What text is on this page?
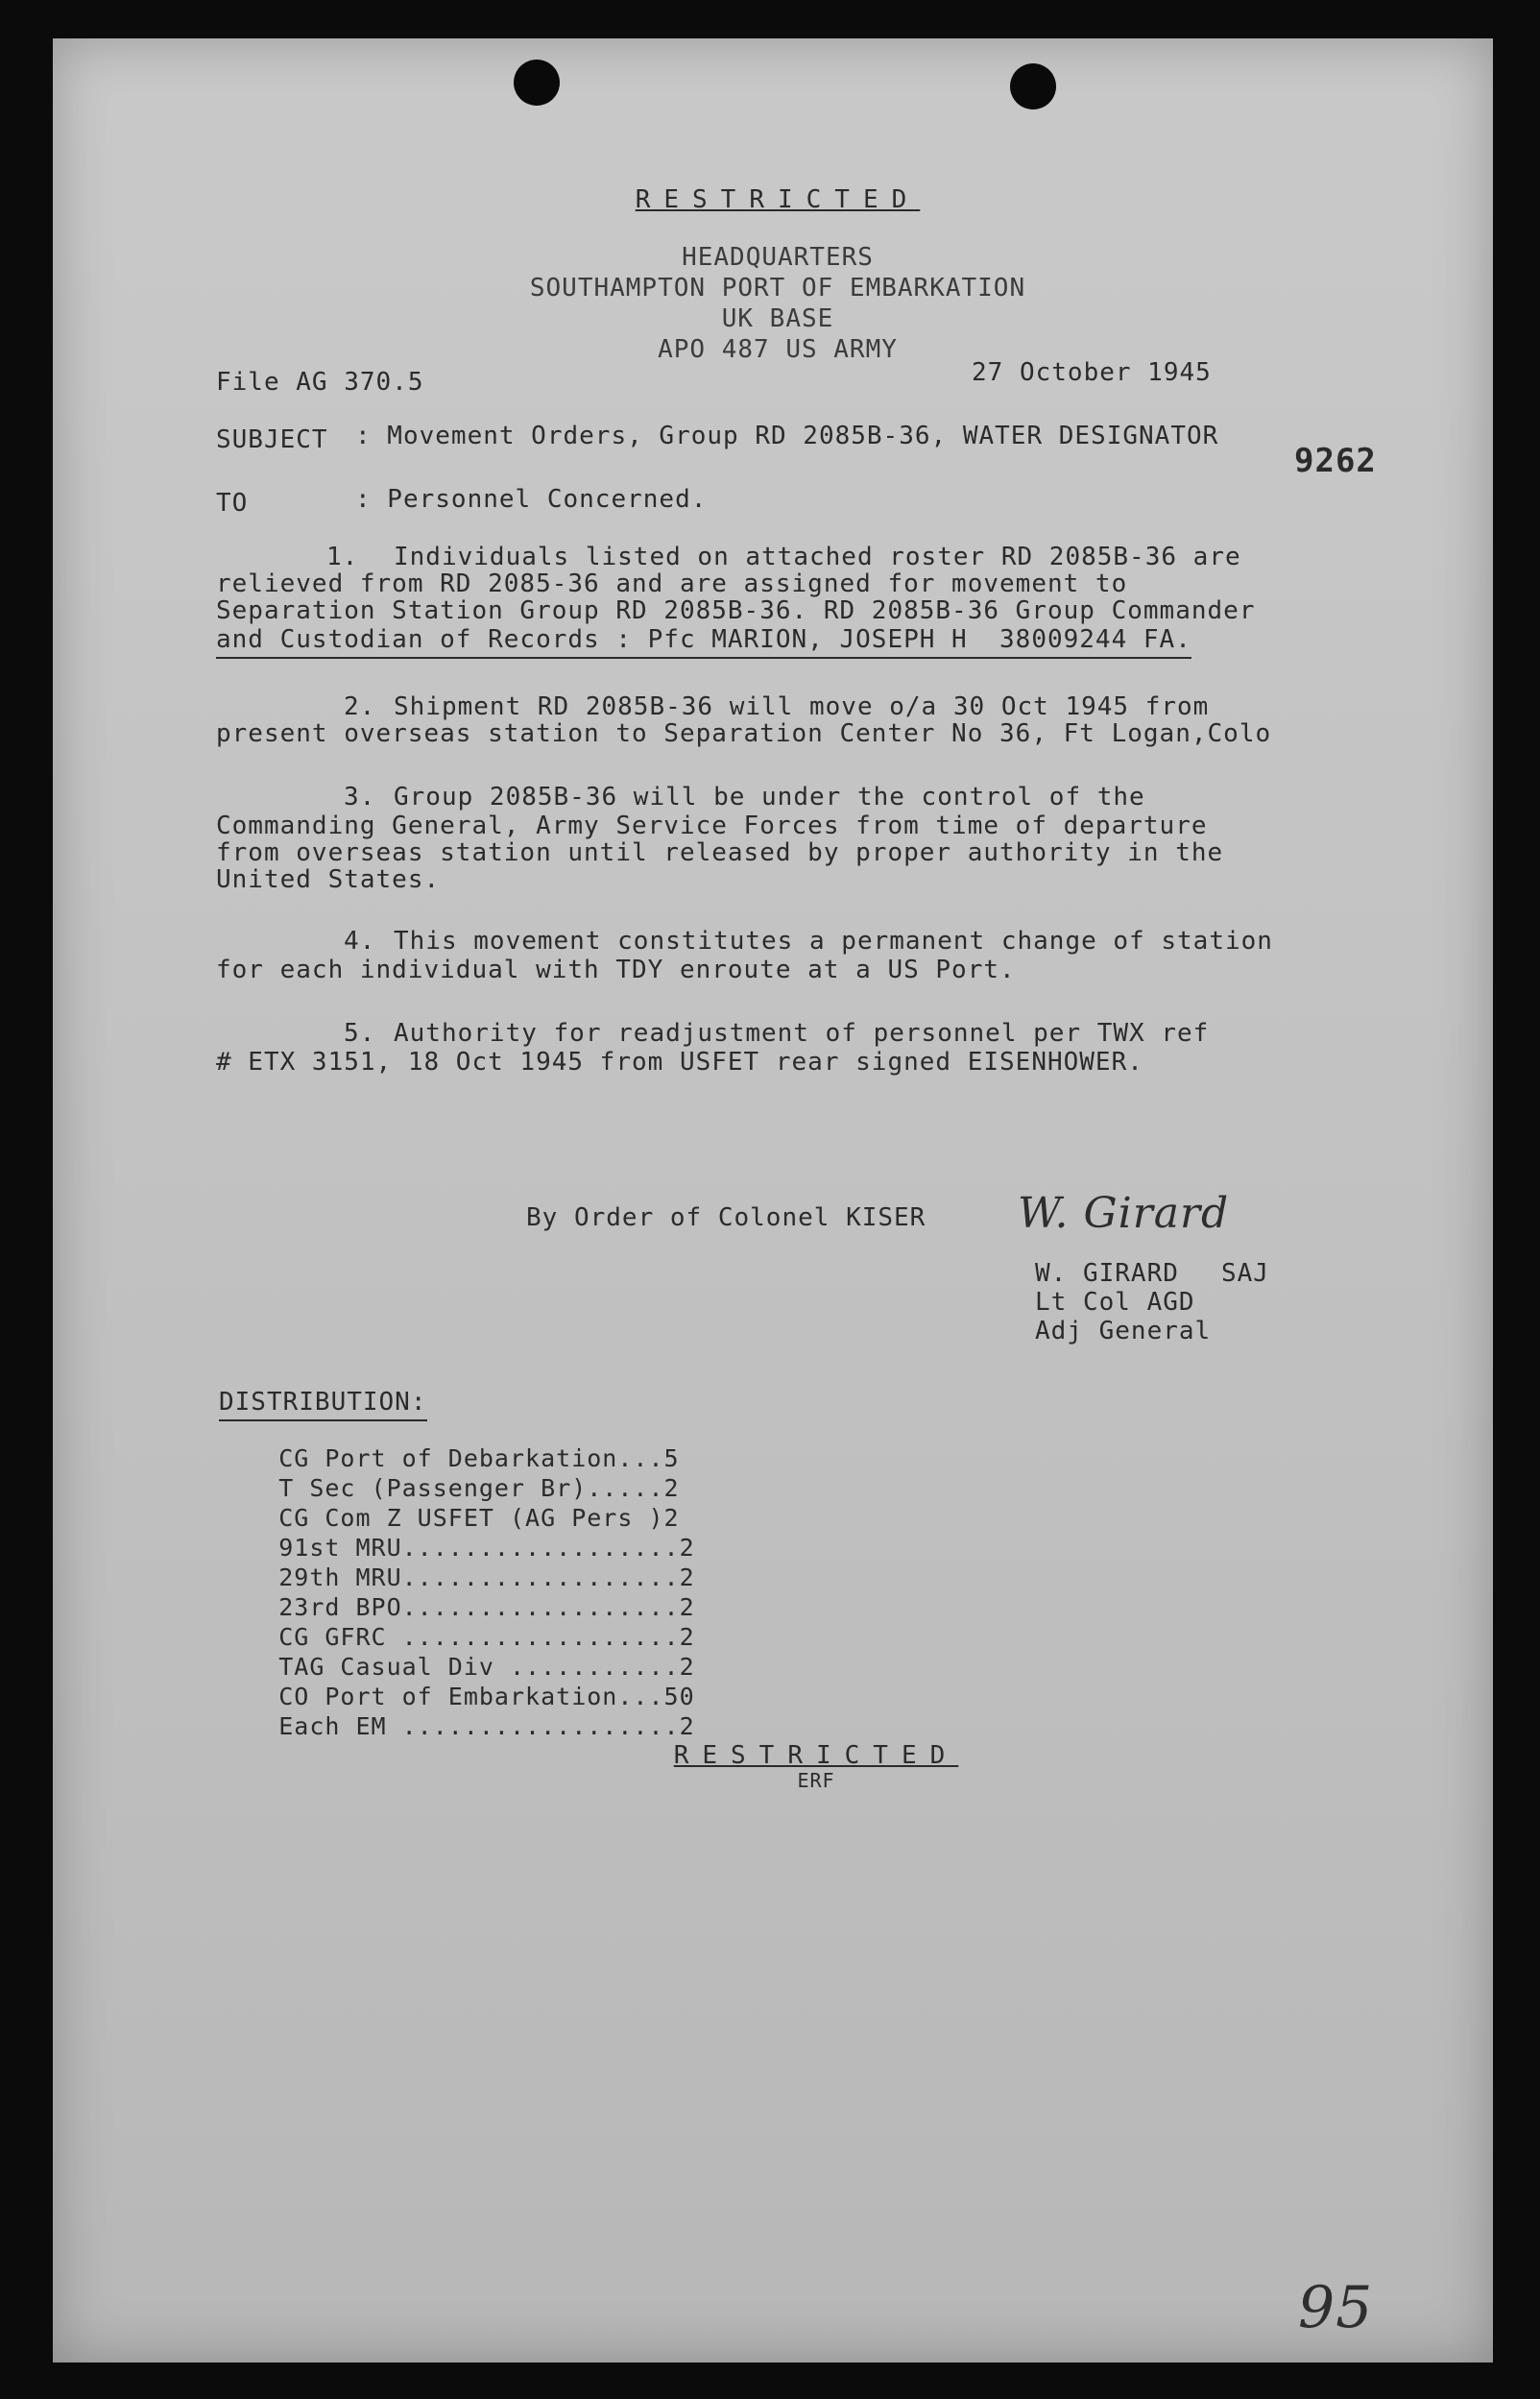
RESTRICTED
HEADQUARTERS
SOUTHAMPTON PORT OF EMBARKATION
UK BASE
APO 487 US ARMY
File AG 370.5	27 October 1945
SUBJECT : Movement Orders, Group RD 2085B-36, WATER DESIGNATOR
9262
TO	: Personnel Concerned.
1. Individuals listed on attached roster RD 2085B-36 are
relieved from RD 2085-36 and are assigned for movement to
Separation Station Group RD 2085B-36. RD 2085B-36 Group Commander
and Custodian of Records : Pfc MARION, JOSEPH H  38009244 FA.
2. Shipment RD 2085B-36 will move o/a 30 Oct 1945 from
present overseas station to Separation Center No 36, Ft Logan,Colo
3. Group 2085B-36 will be under the control of the
Commanding General, Army Service Forces from time of departure
from overseas station until released by proper authority in the
United States.
4. This movement constitutes a permanent change of station
for each individual with TDY enroute at a US Port.
5. Authority for readjustment of personnel per TWX ref
# ETX 3151, 18 Oct 1945 from USFET rear signed EISENHOWER.
By Order of Colonel KISER W. Girard
W. GIRARD SAJ
Lt Col AGD
Adj General
DISTRIBUTION:

CG Port of Debarkation...5

T Sec (Passenger Br).....2

CG Com Z USFET (AG Pers )2

91st MRU..................2

29th MRU..................2

23rd BPO..................2

CG GFRC ..................2

TAG Casual Div ...........2

CO Port of Embarkation...50

Each EM ..................2

RESTRICTED
ERF
95
